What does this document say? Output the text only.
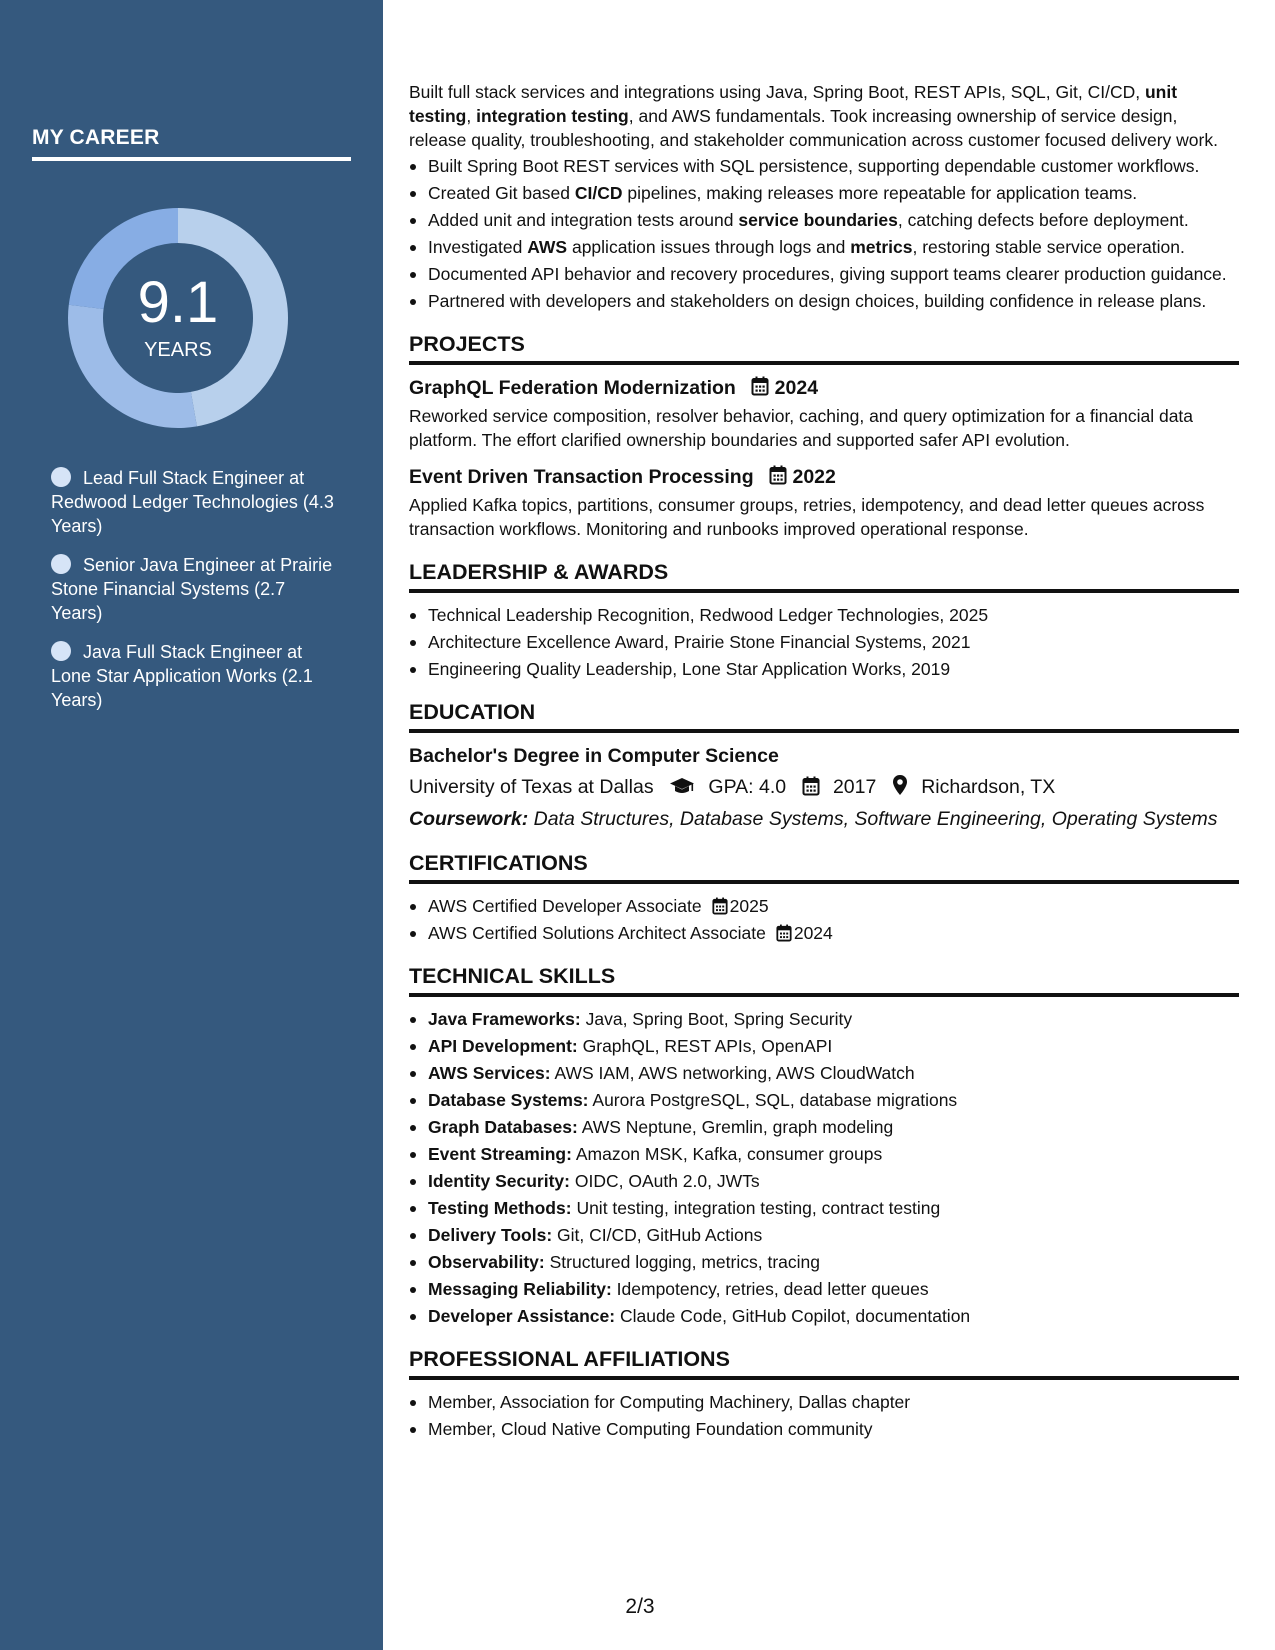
MY CAREER
9.1
YEARS
Lead Full Stack Engineer at Redwood Ledger Technologies (4.3 Years)
Senior Java Engineer at Prairie Stone Financial Systems (2.7 Years)
Java Full Stack Engineer at Lone Star Application Works (2.1 Years)

Built full stack services and integrations using Java, Spring Boot, REST APIs, SQL, Git, CI/CD, unit testing, integration testing, and AWS fundamentals. Took increasing ownership of service design, release quality, troubleshooting, and stakeholder communication across customer focused delivery work.

Built Spring Boot REST services with SQL persistence, supporting dependable customer workflows.
Created Git based CI/CD pipelines, making releases more repeatable for application teams.
Added unit and integration tests around service boundaries, catching defects before deployment.
Investigated AWS application issues through logs and metrics, restoring stable service operation.
Documented API behavior and recovery procedures, giving support teams clearer production guidance.
Partnered with developers and stakeholders on design choices, building confidence in release plans.
PROJECTS
GraphQL Federation Modernization 2024

Reworked service composition, resolver behavior, caching, and query optimization for a financial data platform. The effort clarified ownership boundaries and supported safer API evolution.

Event Driven Transaction Processing 2022

Applied Kafka topics, partitions, consumer groups, retries, idempotency, and dead letter queues across transaction workflows. Monitoring and runbooks improved operational response.

LEADERSHIP & AWARDS
Technical Leadership Recognition, Redwood Ledger Technologies, 2025
Architecture Excellence Award, Prairie Stone Financial Systems, 2021
Engineering Quality Leadership, Lone Star Application Works, 2019
EDUCATION
Bachelor's Degree in Computer Science
University of Texas at Dallas	GPA: 4.0 2017 Richardson, TX
Coursework: Data Structures, Database Systems, Software Engineering, Operating Systems
CERTIFICATIONS
AWS Certified Developer Associate 2025
AWS Certified Solutions Architect Associate 2024
TECHNICAL SKILLS
Java Frameworks: Java, Spring Boot, Spring Security
API Development: GraphQL, REST APIs, OpenAPI
AWS Services: AWS IAM, AWS networking, AWS CloudWatch
Database Systems: Aurora PostgreSQL, SQL, database migrations
Graph Databases: AWS Neptune, Gremlin, graph modeling
Event Streaming: Amazon MSK, Kafka, consumer groups
Identity Security: OIDC, OAuth 2.0, JWTs
Testing Methods: Unit testing, integration testing, contract testing
Delivery Tools: Git, CI/CD, GitHub Actions
Observability: Structured logging, metrics, tracing
Messaging Reliability: Idempotency, retries, dead letter queues
Developer Assistance: Claude Code, GitHub Copilot, documentation
PROFESSIONAL AFFILIATIONS
Member, Association for Computing Machinery, Dallas chapter
Member, Cloud Native Computing Foundation community
2/3
